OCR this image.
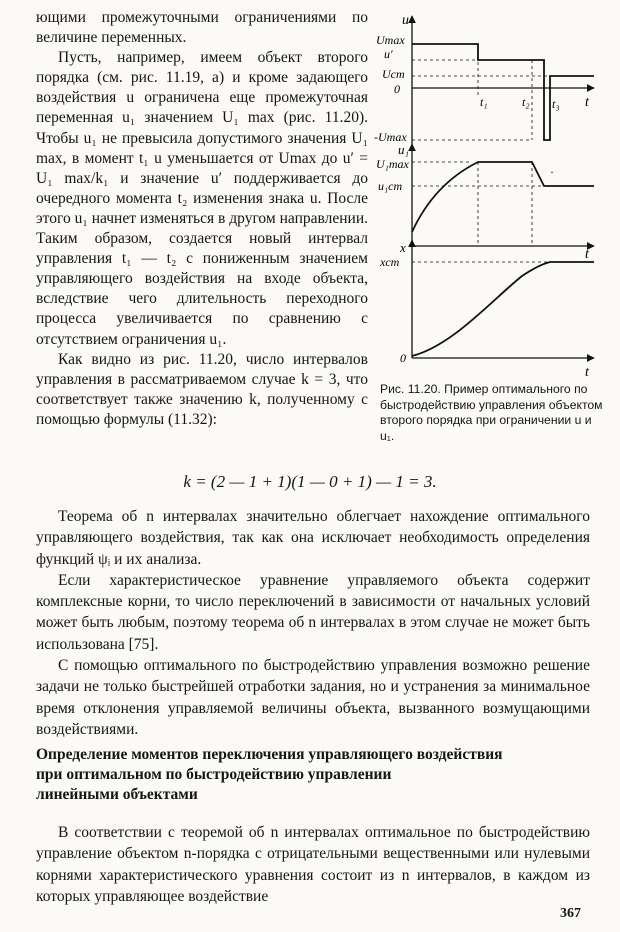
ющими промежуточными ограничениями по величине переменных.

Пусть, например, имеем объект второго порядка (см. рис. 11.19, а) и кроме задающего воздействия u ограничена еще промежуточная переменная u₁ значением U₁ max (рис. 11.20). Чтобы u₁ не превысила допустимого значения U₁ max, в момент t₁ u уменьшается от Umax до u′ = U₁ max/k₁ и значение u′ поддерживается до очередного момента t₂ изменения знака u. После этого u₁ начнет изменяться в другом направлении. Таким образом, создается новый интервал управления t₁ — t₂ с пониженным значением управляющего воздействия на входе объекта, вследствие чего длительность переходного процесса увеличивается по сравнению с отсутствием ограничения u₁.

Как видно из рис. 11.20, число интервалов управления в рассматриваемом случае k = 3, что соответствует также значению k, полученному с помощью формулы (11.32):

u
t
Umax
u′
Uст
0
-Umax
t₁	t₂ t₃
u₁
t
U₁max
u₁ст
·
x
t
xст
0
Рис. 11.20. Пример оптимального по быстродействию управления объектом второго порядка при ограничении u и u₁.
k = (2 — 1 + 1)(1 — 0 + 1) — 1 = 3.

Теорема об n интервалах значительно облегчает нахождение оптимального управляющего воздействия, так как она исключает необходимость определения функций ψᵢ и их анализа.

Если характеристическое уравнение управляемого объекта содержит комплексные корни, то число переключений в зависимости от начальных условий может быть любым, поэтому теорема об n интервалах в этом случае не может быть использована [75].

С помощью оптимального по быстродействию управления возможно решение задачи не только быстрейшей отработки задания, но и устранения за минимальное время отклонения управляемой величины объекта, вызванного возмущающими воздействиями.

Определение моментов переключения управляющего воздействия
при оптимальном по быстродействию управлении
линейными объектами

В соответствии с теоремой об n интервалах оптимальное по быстродействию управление объектом n-порядка с отрицательными вещественными или нулевыми корнями характеристического уравнения состоит из n интервалов, в каждом из которых управляющее воздействие

367
